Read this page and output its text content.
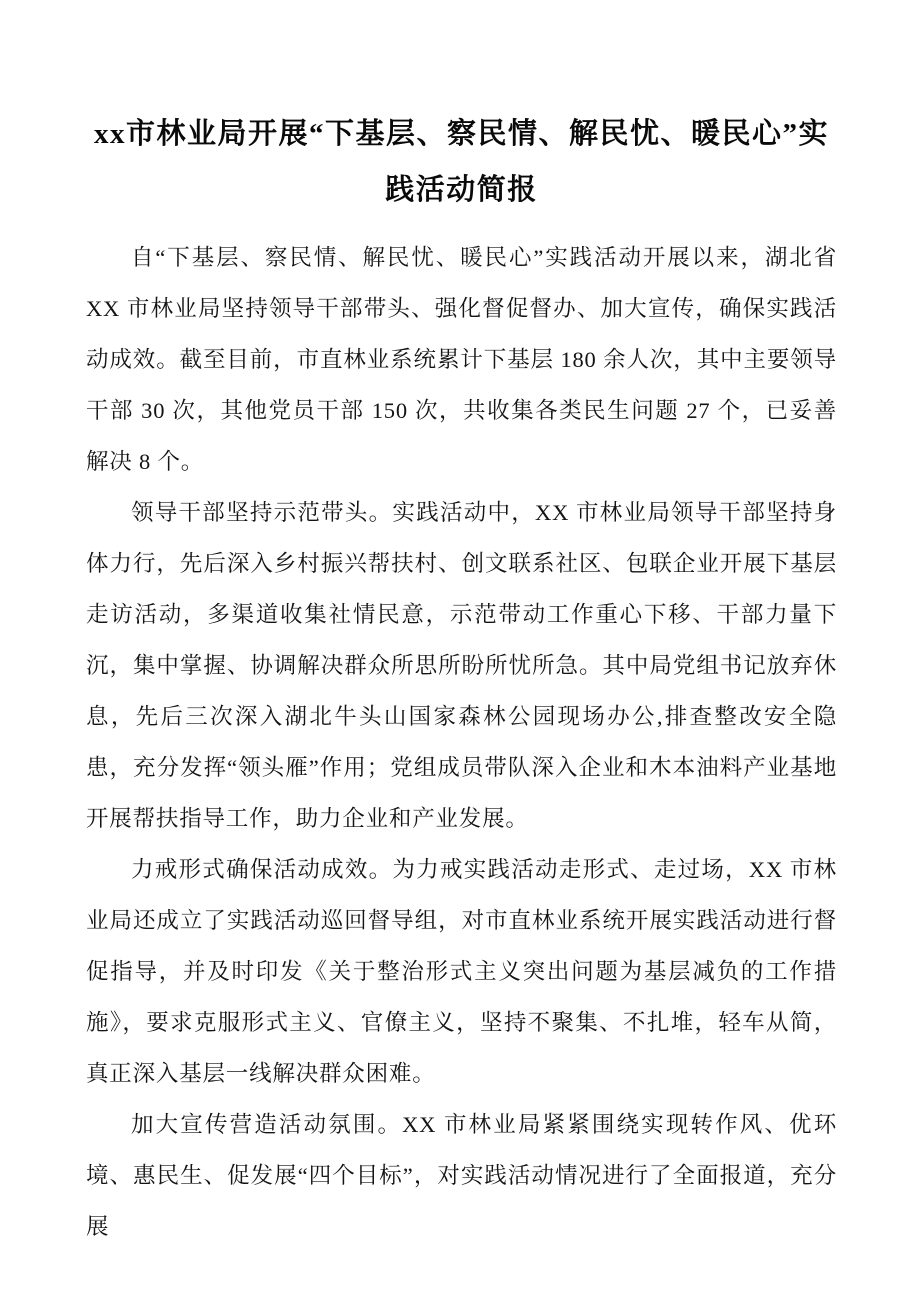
xx市林业局开展“下基层、察民情、解民忧、暖民心”实践活动简报

自“下基层、察民情、解民忧、暖民心”实践活动开展以来，湖北省XX 市林业局坚持领导干部带头、强化督促督办、加大宣传，确保实践活动成效。截至目前，市直林业系统累计下基层 180 余人次，其中主要领导干部 30 次，其他党员干部 150 次，共收集各类民生问题 27 个，已妥善解决 8 个。

领导干部坚持示范带头。实践活动中，XX 市林业局领导干部坚持身体力行，先后深入乡村振兴帮扶村、创文联系社区、包联企业开展下基层走访活动，多渠道收集社情民意，示范带动工作重心下移、干部力量下沉，集中掌握、协调解决群众所思所盼所忧所急。其中局党组书记放弃休息，先后三次深入湖北牛头山国家森林公园现场办公,排查整改安全隐患，充分发挥“领头雁”作用；党组成员带队深入企业和木本油料产业基地开展帮扶指导工作，助力企业和产业发展。

力戒形式确保活动成效。为力戒实践活动走形式、走过场，XX 市林业局还成立了实践活动巡回督导组，对市直林业系统开展实践活动进行督促指导，并及时印发《关于整治形式主义突出问题为基层减负的工作措施》，要求克服形式主义、官僚主义，坚持不聚集、不扎堆，轻车从简，真正深入基层一线解决群众困难。

加大宣传营造活动氛围。XX 市林业局紧紧围绕实现转作风、优环境、惠民生、促发展“四个目标”，对实践活动情况进行了全面报道，充分展
